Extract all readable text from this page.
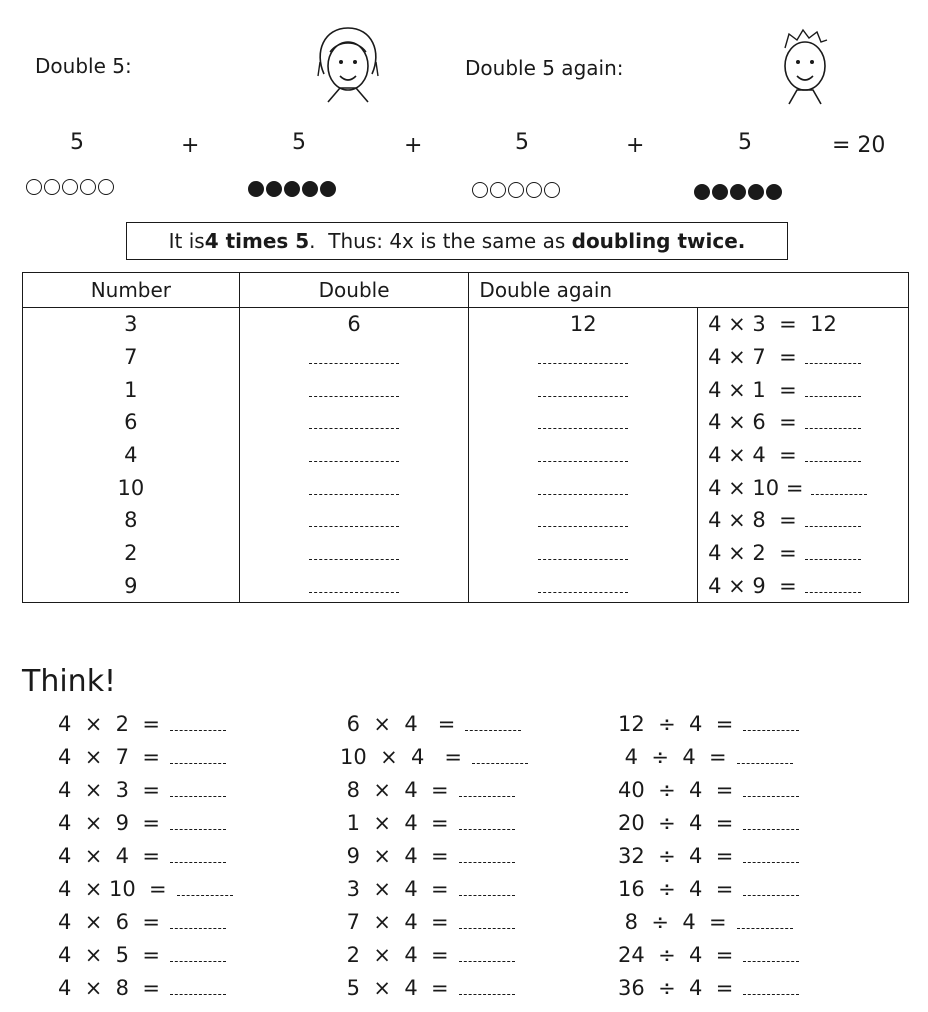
Double 5:	Double 5 again:
5	+	5	+	5	+	5	= 20
It is 4 times 5 .  Thus: 4x is the same as doubling twice.
Number	Double	Double again	
3	6	12	4 × 3  =  12
7			4 × 7  =
1			4 × 1  =
6			4 × 6  =
4			4 × 4  =
10			4 × 10 =
8			4 × 8  =
2			4 × 2  =
9			4 × 9  =
Think!
4  ×  2  =
4  ×  7  =
4  ×  3  =
4  ×  9  =
4  ×  4  =
4  × 10  =
4  ×  6  =
4  ×  5  =
4  ×  8  =
6  ×  4   =
10  ×  4   =
8  ×  4  =
1  ×  4  =
9  ×  4  =
3  ×  4  =
7  ×  4  =
2  ×  4  =
5  ×  4  =
12  ÷  4  =
4  ÷  4  =
40  ÷  4  =
20  ÷  4  =
32  ÷  4  =
16  ÷  4  =
8  ÷  4  =
24  ÷  4  =
36  ÷  4  =
